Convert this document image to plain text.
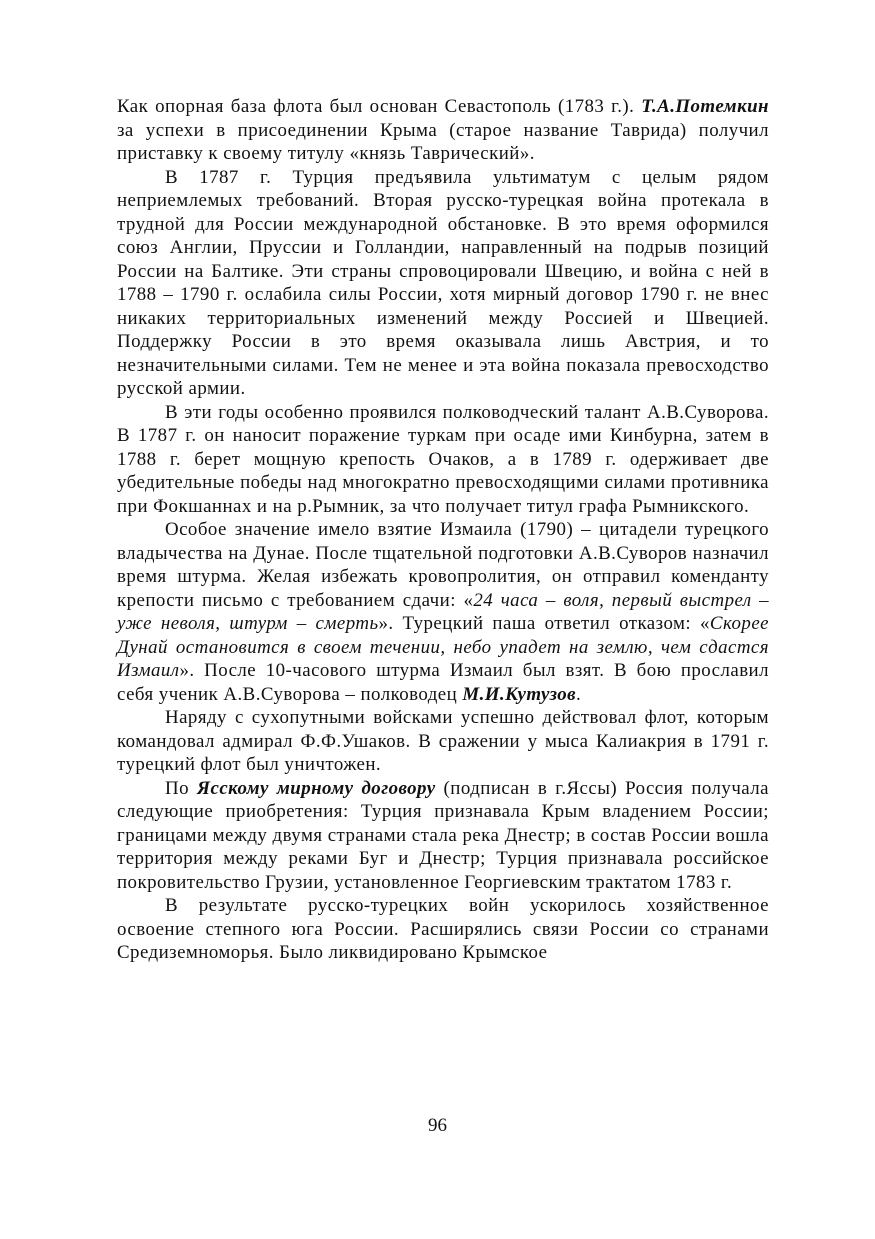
Как опорная база флота был основан Севастополь (1783 г.). Т.А.Потемкин за успехи в присоединении Крыма (старое название Таврида) получил приставку к своему титулу «князь Таврический».

В 1787 г. Турция предъявила ультиматум с целым рядом неприемлемых требований. Вторая русско-турецкая война протекала в трудной для России международной обстановке. В это время оформился союз Англии, Пруссии и Голландии, направленный на подрыв позиций России на Балтике. Эти страны спровоцировали Швецию, и война с ней в 1788 – 1790 г. ослабила силы России, хотя мирный договор 1790 г. не внес никаких территориальных изменений между Россией и Швецией. Поддержку России в это время оказывала лишь Австрия, и то незначительными силами. Тем не менее и эта война показала превосходство русской армии.

В эти годы особенно проявился полководческий талант А.В.Суворова. В 1787 г. он наносит поражение туркам при осаде ими Кинбурна, затем в 1788 г. берет мощную крепость Очаков, а в 1789 г. одерживает две убедительные победы над многократно превосходящими силами противника при Фокшаннах и на р.Рымник, за что получает титул графа Рымникского.

Особое значение имело взятие Измаила (1790) – цитадели турецкого владычества на Дунае. После тщательной подготовки А.В.Суворов назначил время штурма. Желая избежать кровопролития, он отправил коменданту крепости письмо с требованием сдачи: «24 часа – воля, первый выстрел – уже неволя, штурм – смерть». Турецкий паша ответил отказом: «Скорее Дунай остановится в своем течении, небо упадет на землю, чем сдастся Измаил». После 10-часового штурма Измаил был взят. В бою прославил себя ученик А.В.Суворова – полководец М.И.Кутузов.

Наряду с сухопутными войсками успешно действовал флот, которым командовал адмирал Ф.Ф.Ушаков. В сражении у мыса Калиакрия в 1791 г. турецкий флот был уничтожен.

По Ясскому мирному договору (подписан в г.Яссы) Россия получала следующие приобретения: Турция признавала Крым владением России; границами между двумя странами стала река Днестр; в состав России вошла территория между реками Буг и Днестр; Турция признавала российское покровительство Грузии, установленное Георгиевским трактатом 1783 г.

В результате русско-турецких войн ускорилось хозяйственное освоение степного юга России. Расширялись связи России со странами Средиземноморья. Было ликвидировано Крымское

96
